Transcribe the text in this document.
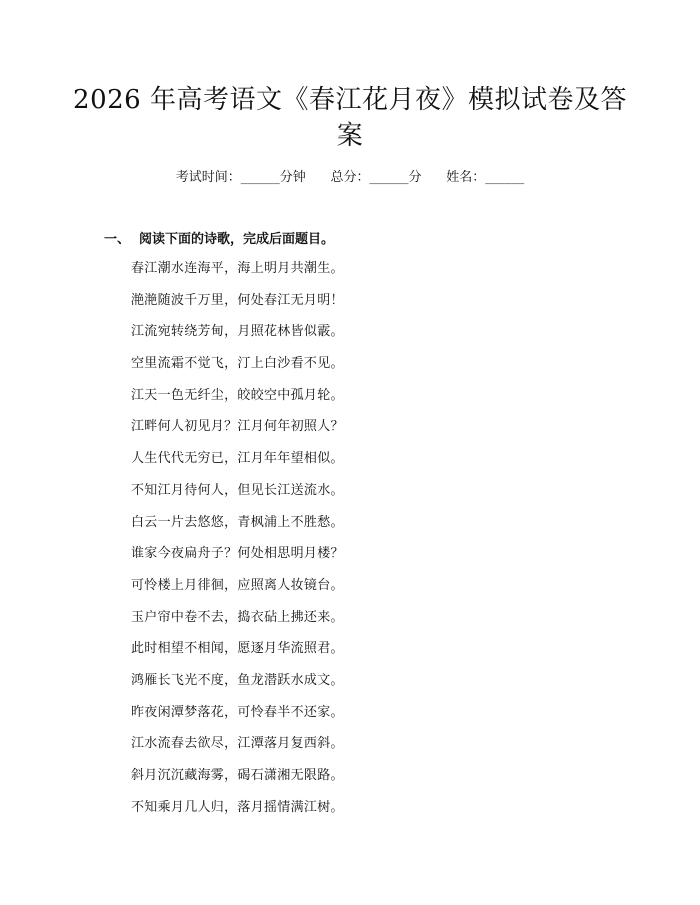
2026 年高考语文《春江花月夜》模拟试卷及答案
考试时间：______分钟      总分：______分      姓名：______
一、 阅读下面的诗歌，完成后面题目。
春江潮水连海平，海上明月共潮生。
滟滟随波千万里，何处春江无月明！
江流宛转绕芳甸，月照花林皆似霰。
空里流霜不觉飞，汀上白沙看不见。
江天一色无纤尘，皎皎空中孤月轮。
江畔何人初见月？江月何年初照人？
人生代代无穷已，江月年年望相似。
不知江月待何人，但见长江送流水。
白云一片去悠悠，青枫浦上不胜愁。
谁家今夜扁舟子？何处相思明月楼？
可怜楼上月徘徊，应照离人妆镜台。
玉户帘中卷不去，捣衣砧上拂还来。
此时相望不相闻，愿逐月华流照君。
鸿雁长飞光不度，鱼龙潜跃水成文。
昨夜闲潭梦落花，可怜春半不还家。
江水流春去欲尽，江潭落月复西斜。
斜月沉沉藏海雾，碣石潇湘无限路。
不知乘月几人归，落月摇情满江树。
